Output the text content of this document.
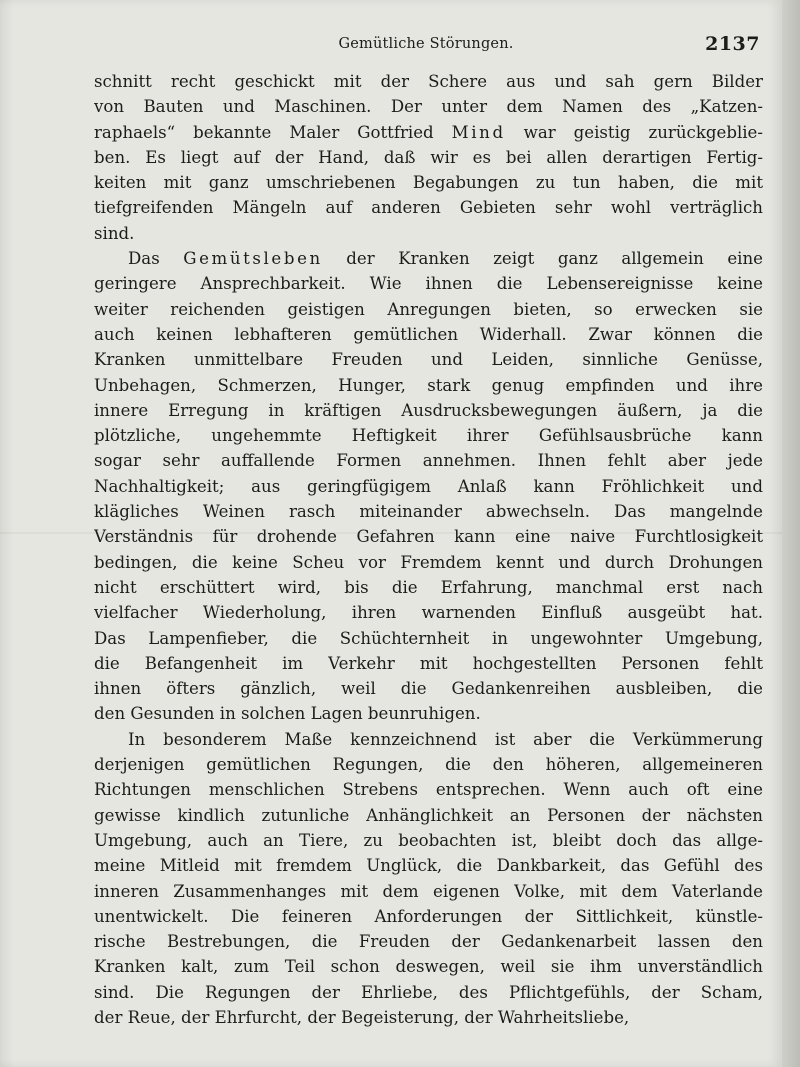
Gemütliche Störungen.	2137
schnitt recht geschickt mit der Schere aus und sah gern Bilder
von Bauten und Maschinen. Der unter dem Namen des „Katzen-
raphaels“ bekannte Maler Gottfried Mind war geistig zurückgeblie-
ben. Es liegt auf der Hand, daß wir es bei allen derartigen Fertig-
keiten mit ganz umschriebenen Begabungen zu tun haben, die mit
tiefgreifenden Mängeln auf anderen Gebieten sehr wohl verträglich
sind.
Das Gemütsleben der Kranken zeigt ganz allgemein eine
geringere Ansprechbarkeit. Wie ihnen die Lebensereignisse keine
weiter reichenden geistigen Anregungen bieten, so erwecken sie
auch keinen lebhafteren gemütlichen Widerhall. Zwar können die
Kranken unmittelbare Freuden und Leiden, sinnliche Genüsse,
Unbehagen, Schmerzen, Hunger, stark genug empfinden und ihre
innere Erregung in kräftigen Ausdrucksbewegungen äußern, ja die
plötzliche, ungehemmte Heftigkeit ihrer Gefühlsausbrüche kann
sogar sehr auffallende Formen annehmen. Ihnen fehlt aber jede
Nachhaltigkeit; aus geringfügigem Anlaß kann Fröhlichkeit und
klägliches Weinen rasch miteinander abwechseln. Das mangelnde
Verständnis für drohende Gefahren kann eine naive Furchtlosigkeit
bedingen, die keine Scheu vor Fremdem kennt und durch Drohungen
nicht erschüttert wird, bis die Erfahrung, manchmal erst nach
vielfacher Wiederholung, ihren warnenden Einfluß ausgeübt hat.
Das Lampenfieber, die Schüchternheit in ungewohnter Umgebung,
die Befangenheit im Verkehr mit hochgestellten Personen fehlt
ihnen öfters gänzlich, weil die Gedankenreihen ausbleiben, die
den Gesunden in solchen Lagen beunruhigen.
In besonderem Maße kennzeichnend ist aber die Verkümmerung
derjenigen gemütlichen Regungen, die den höheren, allgemeineren
Richtungen menschlichen Strebens entsprechen. Wenn auch oft eine
gewisse kindlich zutunliche Anhänglichkeit an Personen der nächsten
Umgebung, auch an Tiere, zu beobachten ist, bleibt doch das allge-
meine Mitleid mit fremdem Unglück, die Dankbarkeit, das Gefühl des
inneren Zusammenhanges mit dem eigenen Volke, mit dem Vaterlande
unentwickelt. Die feineren Anforderungen der Sittlichkeit, künstle-
rische Bestrebungen, die Freuden der Gedankenarbeit lassen den
Kranken kalt, zum Teil schon deswegen, weil sie ihm unverständlich
sind. Die Regungen der Ehrliebe, des Pflichtgefühls, der Scham,
der Reue, der Ehrfurcht, der Begeisterung, der Wahrheitsliebe,
